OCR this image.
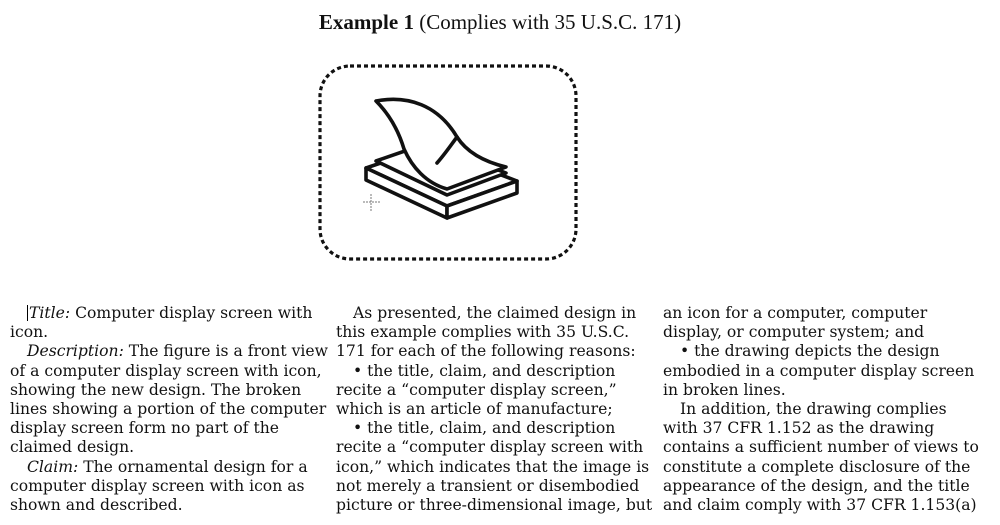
Example 1 (Complies with 35 U.S.C. 171)

Title: Computer display screen with

icon.

Description: The figure is a front view

of a computer display screen with icon,
showing the new design. The broken
lines showing a portion of the computer
display screen form no part of the
claimed design.

Claim: The ornamental design for a

computer display screen with icon as
shown and described.

As presented, the claimed design in

this example complies with 35 U.S.C.
171 for each of the following reasons:

• the title, claim, and description

recite a “computer display screen,”
which is an article of manufacture;

• the title, claim, and description

recite a “computer display screen with
icon,” which indicates that the image is
not merely a transient or disembodied
picture or three-dimensional image, but

an icon for a computer, computer
display, or computer system; and

• the drawing depicts the design

embodied in a computer display screen
in broken lines.

In addition, the drawing complies

with 37 CFR 1.152 as the drawing
contains a sufficient number of views to
constitute a complete disclosure of the
appearance of the design, and the title
and claim comply with 37 CFR 1.153(a)
